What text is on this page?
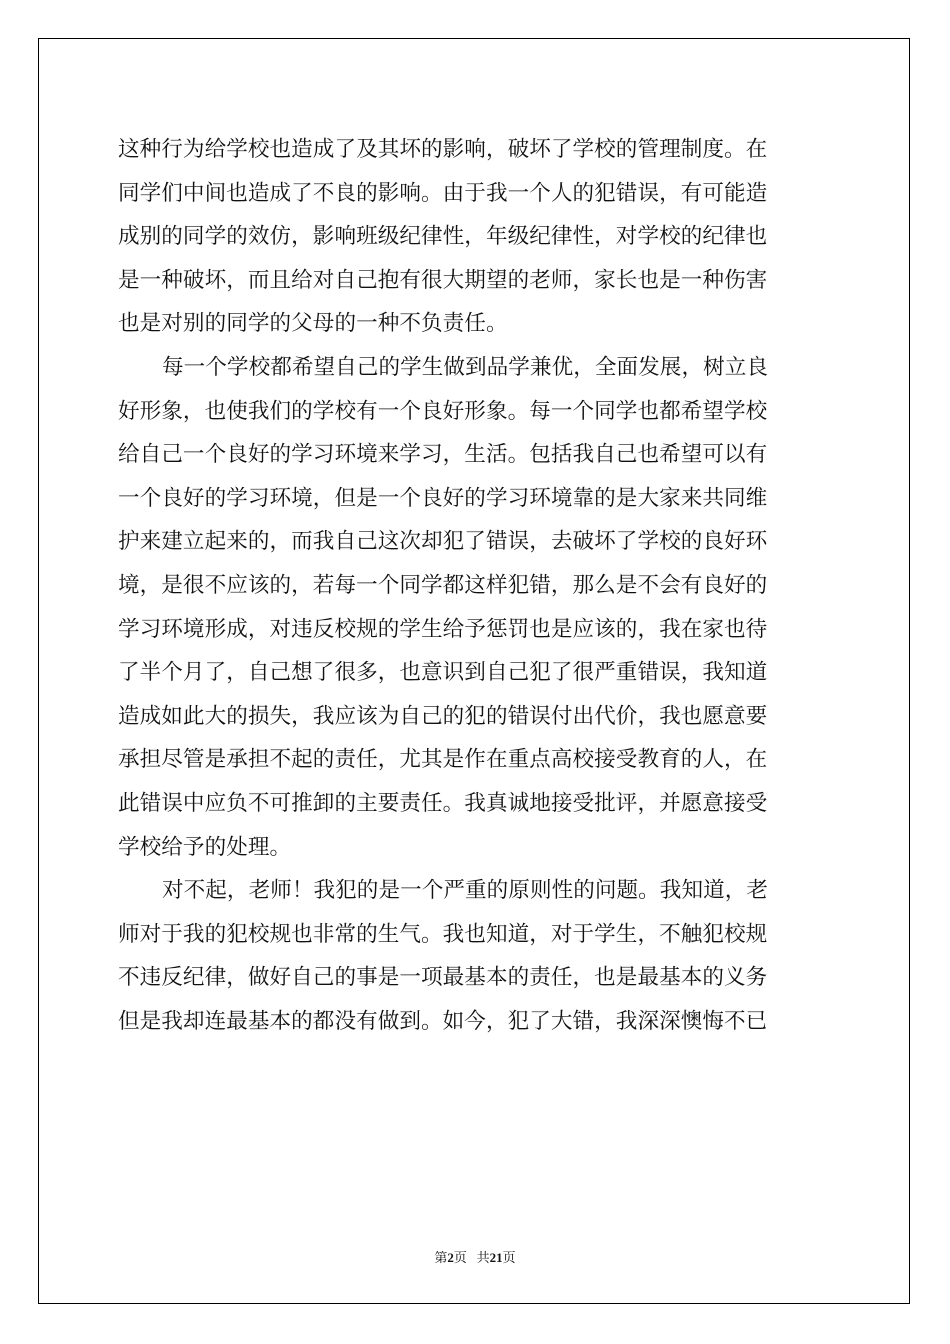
这种行为给学校也造成了及其坏的影响，破坏了学校的管理制度。在
同学们中间也造成了不良的影响。由于我一个人的犯错误，有可能造
成别的同学的效仿，影响班级纪律性，年级纪律性，对学校的纪律也
是一种破坏，而且给对自己抱有很大期望的老师，家长也是一种伤害
也是对别的同学的父母的一种不负责任。
每一个学校都希望自己的学生做到品学兼优，全面发展，树立良
好形象，也使我们的学校有一个良好形象。每一个同学也都希望学校
给自己一个良好的学习环境来学习，生活。包括我自己也希望可以有
一个良好的学习环境，但是一个良好的学习环境靠的是大家来共同维
护来建立起来的，而我自己这次却犯了错误，去破坏了学校的良好环
境，是很不应该的，若每一个同学都这样犯错，那么是不会有良好的
学习环境形成，对违反校规的学生给予惩罚也是应该的，我在家也待
了半个月了，自己想了很多，也意识到自己犯了很严重错误，我知道
造成如此大的损失，我应该为自己的犯的错误付出代价，我也愿意要
承担尽管是承担不起的责任，尤其是作在重点高校接受教育的人，在
此错误中应负不可推卸的主要责任。我真诚地接受批评，并愿意接受
学校给予的处理。
对不起，老师！我犯的是一个严重的原则性的问题。我知道，老
师对于我的犯校规也非常的生气。我也知道，对于学生，不触犯校规
不违反纪律，做好自己的事是一项最基本的责任，也是最基本的义务
但是我却连最基本的都没有做到。如今，犯了大错，我深深懊悔不已
第2页 共21页
